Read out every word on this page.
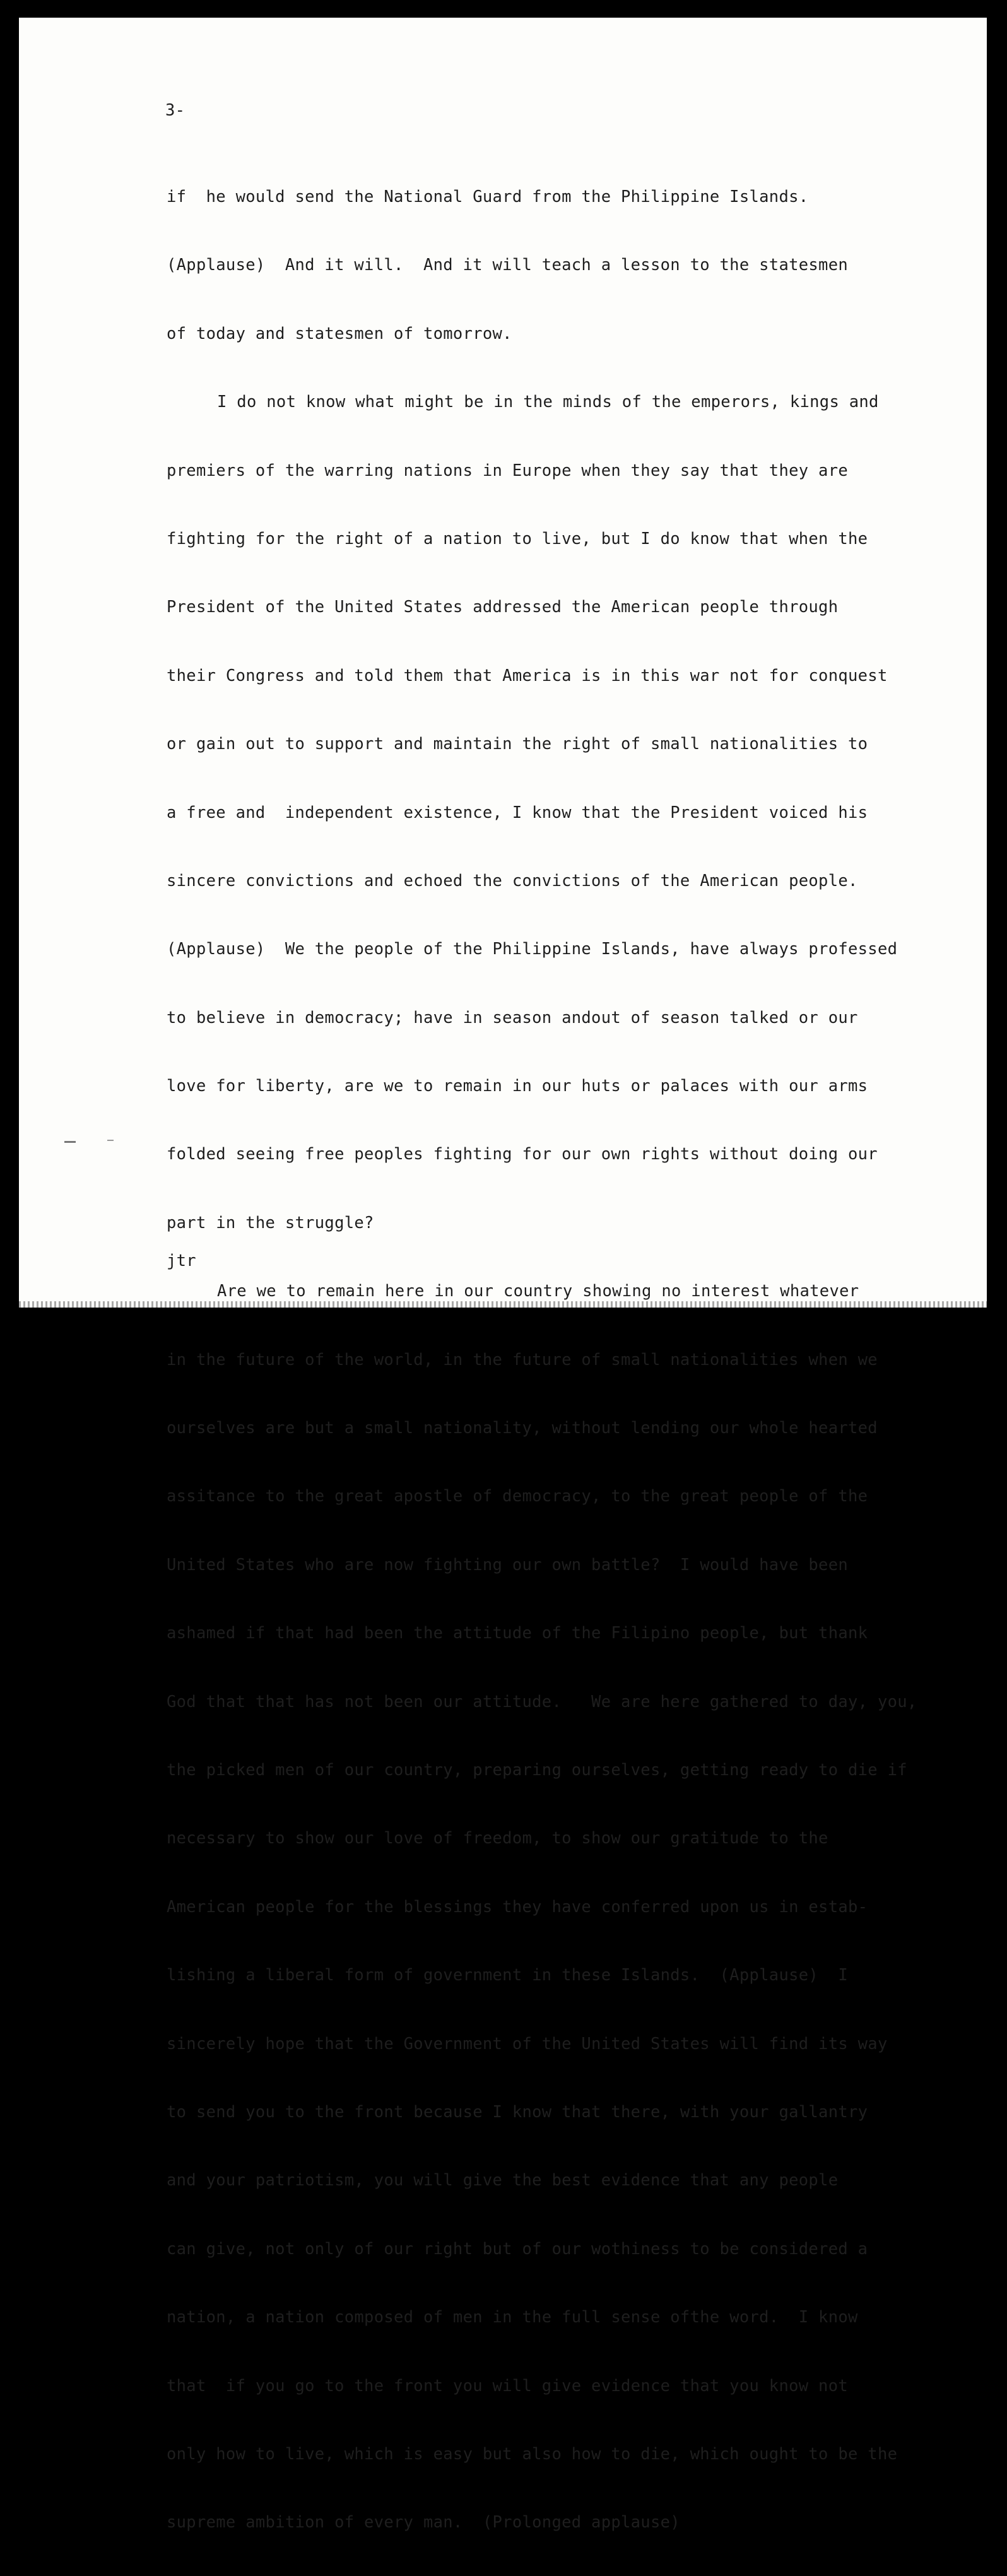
3-

if  he would send the National Guard from the Philippine Islands.

(Applause)  And it will.  And it will teach a lesson to the statesmen

of today and statesmen of tomorrow.

I do not know what might be in the minds of the emperors, kings and

premiers of the warring nations in Europe when they say that they are

fighting for the right of a nation to live, but I do know that when the

President of the United States addressed the American people through

their Congress and told them that America is in this war not for conquest

or gain out to support and maintain the right of small nationalities to

a free and  independent existence, I know that the President voiced his

sincere convictions and echoed the convictions of the American people.

(Applause)  We the people of the Philippine Islands, have always professed

to believe in democracy; have in season andout of season talked or our

love for liberty, are we to remain in our huts or palaces with our arms

folded seeing free peoples fighting for our own rights without doing our

part in the struggle?

Are we to remain here in our country showing no interest whatever

in the future of the world, in the future of small nationalities when we

ourselves are but a small nationality, without lending our whole hearted

assitance to the great apostle of democracy, to the great people of the

United States who are now fighting our own battle?  I would have been

ashamed if that had been the attitude of the Filipino people, but thank

God that that has not been our attitude.   We are here gathered to day, you,

the picked men of our country, preparing ourselves, getting ready to die if

necessary to show our love of freedom, to show our gratitude to the

American people for the blessings they have conferred upon us in estab-

lishing a liberal form of government in these Islands.  (Applause)  I

sincerely hope that the Government of the United States will find its way

to send you to the front because I know that there, with your gallantry

and your patriotism, you will give the best evidence that any people

can give, not only of our right but of our wothiness to be considered a

nation, a nation composed of men in the full sense ofthe word.  I know

that  if you go to the front you will give evidence that you know not

only how to live, which is easy but also how to die, which ought to be the

supreme ambition of every man.  (Prolonged applause)

jtr
